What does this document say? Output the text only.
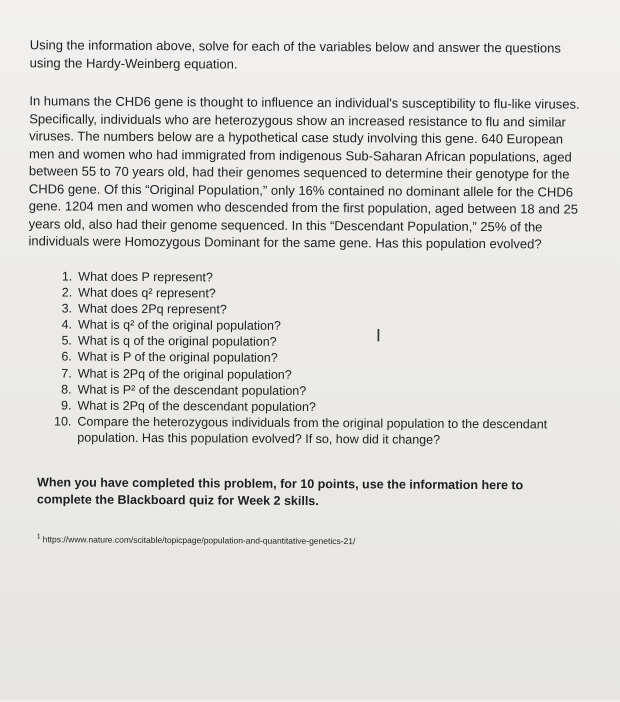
Using the information above, solve for each of the variables below and answer the questions using the Hardy-Weinberg equation.
In humans the CHD6 gene is thought to influence an individual's susceptibility to flu-like viruses. Specifically, individuals who are heterozygous show an increased resistance to flu and similar viruses. The numbers below are a hypothetical case study involving this gene. 640 European men and women who had immigrated from indigenous Sub-Saharan African populations, aged between 55 to 70 years old, had their genomes sequenced to determine their genotype for the CHD6 gene. Of this “Original Population,” only 16% contained no dominant allele for the CHD6 gene. 1204 men and women who descended from the first population, aged between 18 and 25 years old, also had their genome sequenced. In this “Descendant Population,” 25% of the individuals were Homozygous Dominant for the same gene. Has this population evolved?
1. What does P represent?
2. What does q² represent?
3. What does 2Pq represent?
4. What is q² of the original population?
5. What is q of the original population?
6. What is P of the original population?
7. What is 2Pq of the original population?
8. What is P² of the descendant population?
9. What is 2Pq of the descendant population?
10. Compare the heterozygous individuals from the original population to the descendant population. Has this population evolved? If so, how did it change?
I
When you have completed this problem, for 10 points, use the information here to complete the Blackboard quiz for Week 2 skills.
$^1$ https://www.nature.com/scitable/topicpage/population-and-quantitative-genetics-21/
